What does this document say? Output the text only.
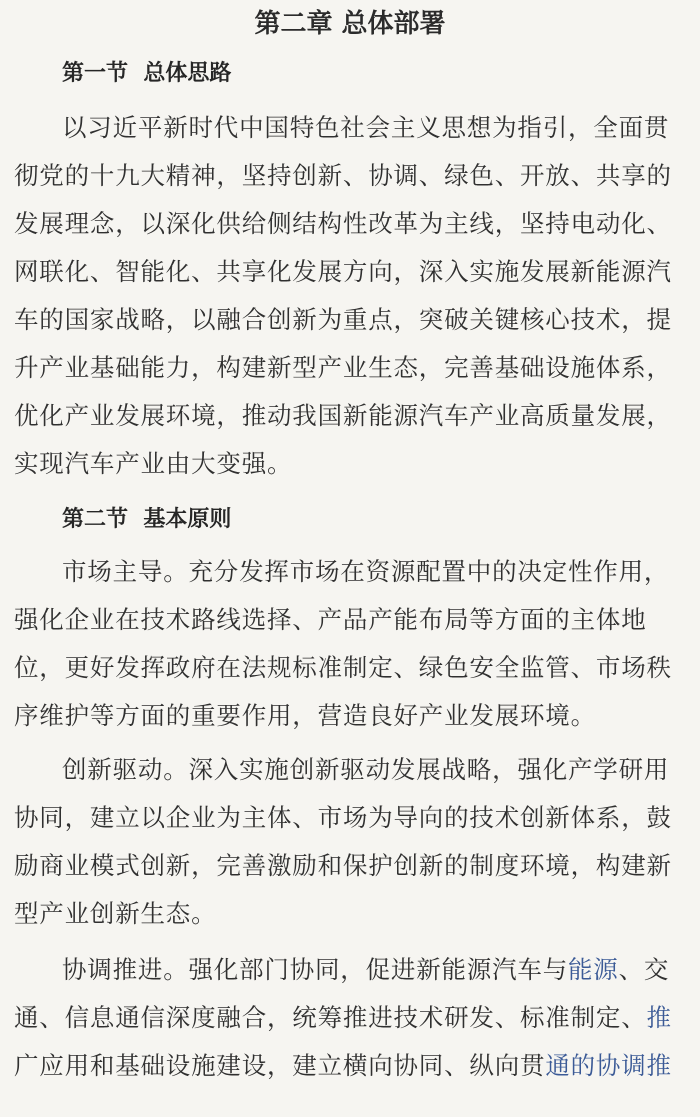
第二章 总体部署
第一节  总体思路
以习近平新时代中国特色社会主义思想为指引，全面贯
彻党的十九大精神，坚持创新、协调、绿色、开放、共享的
发展理念，以深化供给侧结构性改革为主线，坚持电动化、
网联化、智能化、共享化发展方向，深入实施发展新能源汽
车的国家战略，以融合创新为重点，突破关键核心技术，提
升产业基础能力，构建新型产业生态，完善基础设施体系，
优化产业发展环境，推动我国新能源汽车产业高质量发展，
实现汽车产业由大变强。
第二节  基本原则
市场主导。充分发挥市场在资源配置中的决定性作用，
强化企业在技术路线选择、产品产能布局等方面的主体地
位，更好发挥政府在法规标准制定、绿色安全监管、市场秩
序维护等方面的重要作用，营造良好产业发展环境。
创新驱动。深入实施创新驱动发展战略，强化产学研用
协同，建立以企业为主体、市场为导向的技术创新体系，鼓
励商业模式创新，完善激励和保护创新的制度环境，构建新
型产业创新生态。
协调推进。强化部门协同，促进新能源汽车与能源、交
通、信息通信深度融合，统筹推进技术研发、标准制定、推
广应用和基础设施建设，建立横向协同、纵向贯通的协调推
